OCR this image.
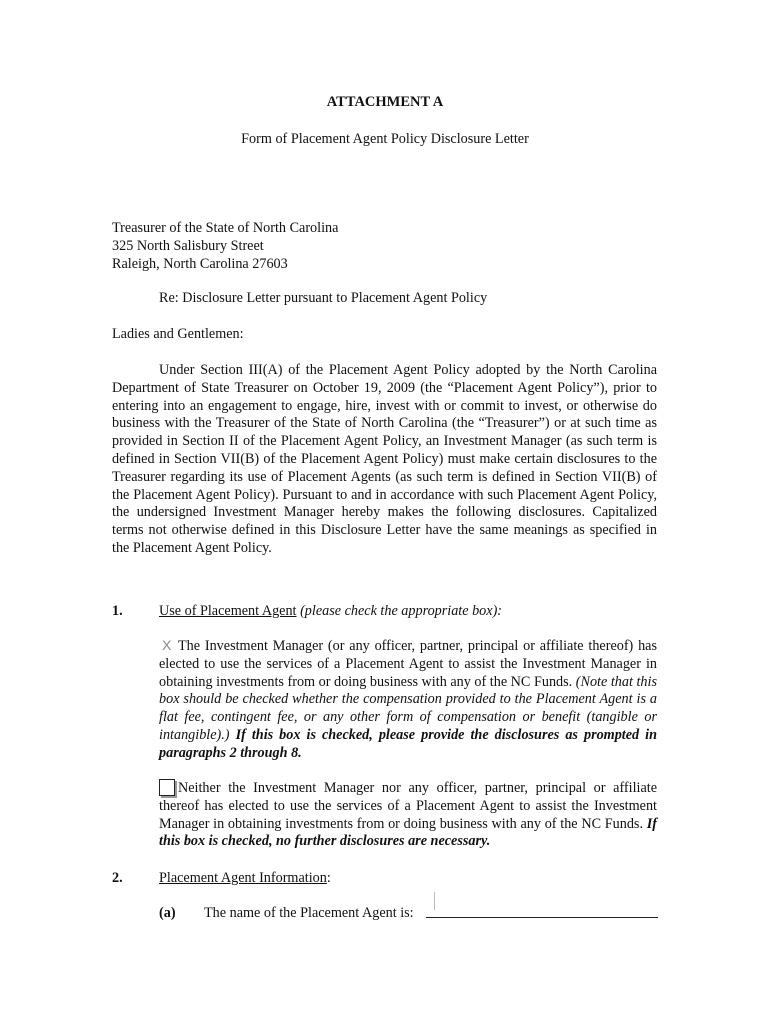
ATTACHMENT A

Form of Placement Agent Policy Disclosure Letter

Treasurer of the State of North Carolina

325 North Salisbury Street

Raleigh, North Carolina 27603

Re: Disclosure Letter pursuant to Placement Agent Policy

Ladies and Gentlemen:

Under Section III(A) of the Placement Agent Policy adopted by the North Carolina Department of State Treasurer on October 19, 2009 (the “Placement Agent Policy”), prior to entering into an engagement to engage, hire, invest with or commit to invest, or otherwise do business with the Treasurer of the State of North Carolina (the “Treasurer”) or at such time as provided in Section II of the Placement Agent Policy, an Investment Manager (as such term is defined in Section VII(B) of the Placement Agent Policy) must make certain disclosures to the Treasurer regarding its use of Placement Agents (as such term is defined in Section VII(B) of the Placement Agent Policy). Pursuant to and in accordance with such Placement Agent Policy, the undersigned Investment Manager hereby makes the following disclosures. Capitalized terms not otherwise defined in this Disclosure Letter have the same meanings as specified in the Placement Agent Policy.

1.	Use of Placement Agent (please check the appropriate box):

X The Investment Manager (or any officer, partner, principal or affiliate thereof) has elected to use the services of a Placement Agent to assist the Investment Manager in obtaining investments from or doing business with any of the NC Funds. (Note that this box should be checked whether the compensation provided to the Placement Agent is a flat fee, contingent fee, or any other form of compensation or benefit (tangible or intangible).) If this box is checked, please provide the disclosures as prompted in paragraphs 2 through 8.

Neither the Investment Manager nor any officer, partner, principal or affiliate thereof has elected to use the services of a Placement Agent to assist the Investment Manager in obtaining investments from or doing business with any of the NC Funds. If this box is checked, no further disclosures are necessary.

2.	Placement Agent Information:

(a) The name of the Placement Agent is:
